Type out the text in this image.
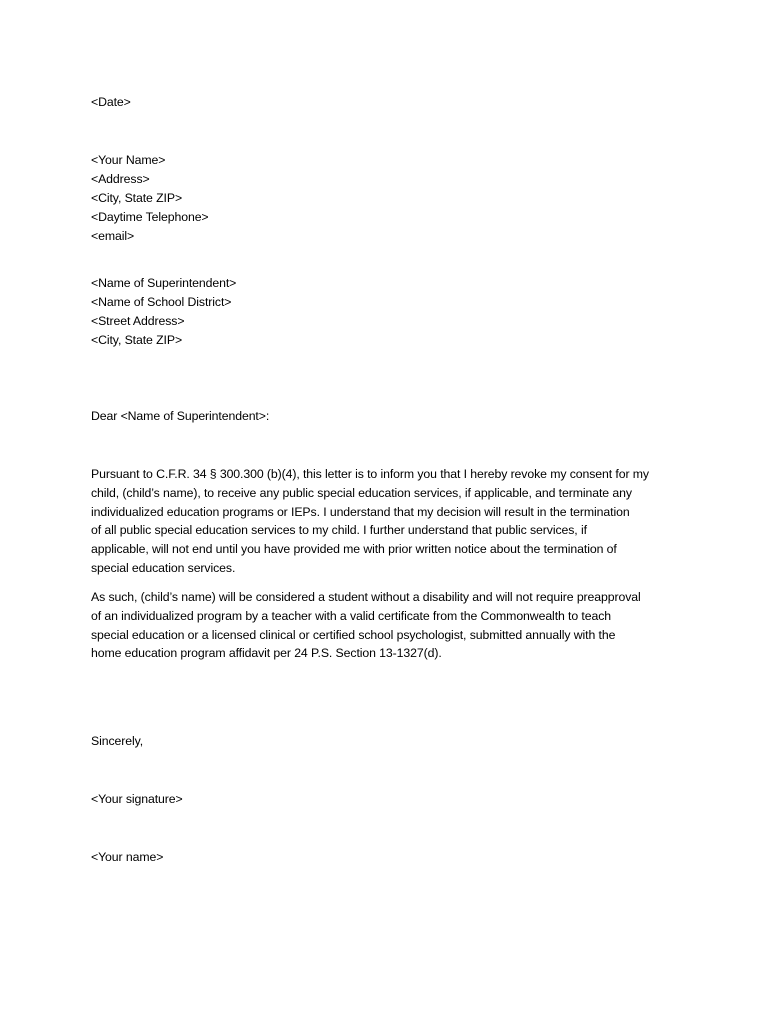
<Date>
<Your Name>
<Address>
<City, State ZIP>
<Daytime Telephone>
<email>
<Name of Superintendent>
<Name of School District>
<Street Address>
<City, State ZIP>
Dear <Name of Superintendent>:
Pursuant to C.F.R. 34 § 300.300 (b)(4), this letter is to inform you that I hereby revoke my consent for my
child, (child’s name), to receive any public special education services, if applicable, and terminate any
individualized education programs or IEPs. I understand that my decision will result in the termination
of all public special education services to my child. I further understand that public services, if
applicable, will not end until you have provided me with prior written notice about the termination of
special education services.
As such, (child’s name) will be considered a student without a disability and will not require preapproval
of an individualized program by a teacher with a valid certificate from the Commonwealth to teach
special education or a licensed clinical or certified school psychologist, submitted annually with the
home education program affidavit per 24 P.S. Section 13-1327(d).
Sincerely,
<Your signature>
<Your name>
